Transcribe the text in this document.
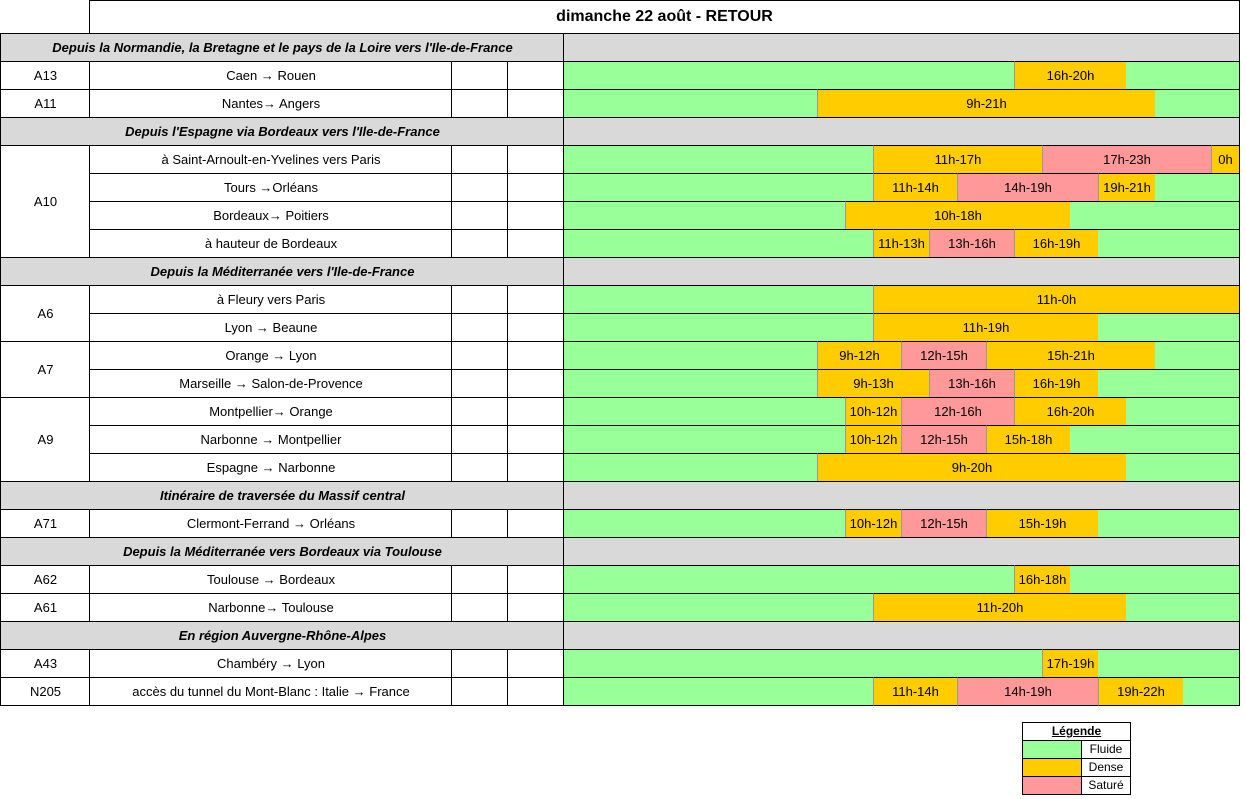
dimanche 22 août - RETOUR
Depuis la Normandie, la Bretagne et le pays de la Loire vers l'Ile-de-France
A13	Caen → Rouen	16h-20h
A11	Nantes→ Angers	9h-21h
Depuis l'Espagne via Bordeaux vers l'Ile-de-France
A10
à Saint-Arnoult-en-Yvelines vers Paris	11h-17h	17h-23h	0h
Tours →Orléans	11h-14h	14h-19h	19h-21h
Bordeaux→ Poitiers	10h-18h
à hauteur de Bordeaux	11h-13h	13h-16h	16h-19h
Depuis la Méditerranée vers l'Ile-de-France
A6
à Fleury vers Paris	11h-0h
Lyon → Beaune	11h-19h
A7
Orange → Lyon	9h-12h	12h-15h	15h-21h
Marseille → Salon-de-Provence	9h-13h	13h-16h	16h-19h
A9
Montpellier→ Orange	10h-12h	12h-16h	16h-20h
Narbonne → Montpellier	10h-12h	12h-15h	15h-18h
Espagne → Narbonne	9h-20h
Itinéraire de traversée du Massif central
A71	Clermont-Ferrand → Orléans	10h-12h	12h-15h	15h-19h
Depuis la Méditerranée vers Bordeaux via Toulouse
A62	Toulouse → Bordeaux	16h-18h
A61	Narbonne→ Toulouse	11h-20h
En région Auvergne-Rhône-Alpes
A43	Chambéry → Lyon	17h-19h
N205	accès du tunnel du Mont-Blanc : Italie → France	11h-14h	14h-19h	19h-22h
Légende
Fluide
Dense
Saturé
